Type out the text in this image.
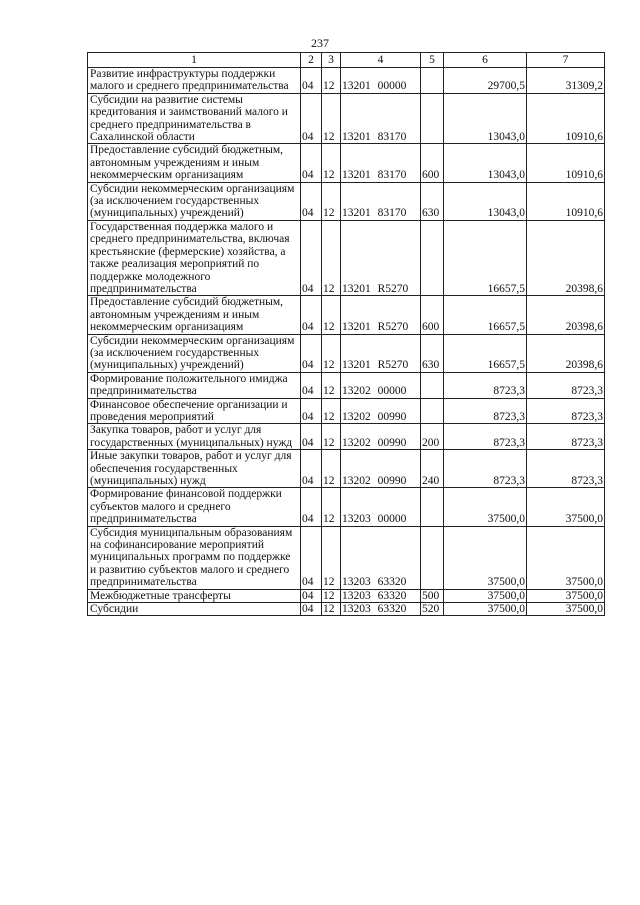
237
1	2	3	4	5	6	7
Развитие инфраструктуры поддержки малого и среднего предпринимательства	04	12	13201 00000		29700,5	31309,2
Субсидии на развитие системы кредитования и заимствований малого и среднего предпринимательства в Сахалинской области	04	12	13201 83170		13043,0	10910,6
Предоставление субсидий бюджетным, автономным учреждениям и иным некоммерческим организациям	04	12	13201 83170	600	13043,0	10910,6
Субсидии некоммерческим организациям (за исключением государственных (муниципальных) учреждений)	04	12	13201 83170	630	13043,0	10910,6
Государственная поддержка малого и среднего предпринимательства, включая крестьянские (фермерские) хозяйства, а также реализация мероприятий по поддержке молодежного предпринимательства	04	12	13201 R5270		16657,5	20398,6
Предоставление субсидий бюджетным, автономным учреждениям и иным некоммерческим организациям	04	12	13201 R5270	600	16657,5	20398,6
Субсидии некоммерческим организациям (за исключением государственных (муниципальных) учреждений)	04	12	13201 R5270	630	16657,5	20398,6
Формирование положительного имиджа предпринимательства	04	12	13202 00000		8723,3	8723,3
Финансовое обеспечение организации и проведения мероприятий	04	12	13202 00990		8723,3	8723,3
Закупка товаров, работ и услуг для государственных (муниципальных) нужд	04	12	13202 00990	200	8723,3	8723,3
Иные закупки товаров, работ и услуг для обеспечения государственных (муниципальных) нужд	04	12	13202 00990	240	8723,3	8723,3
Формирование финансовой поддержки субъектов малого и среднего предпринимательства	04	12	13203 00000		37500,0	37500,0
Субсидия муниципальным образованиям на софинансирование мероприятий муниципальных программ по поддержке и развитию субъектов малого и среднего предпринимательства	04	12	13203 63320		37500,0	37500,0
Межбюджетные трансферты	04	12	13203 63320	500	37500,0	37500,0
Субсидии	04	12	13203 63320	520	37500,0	37500,0
